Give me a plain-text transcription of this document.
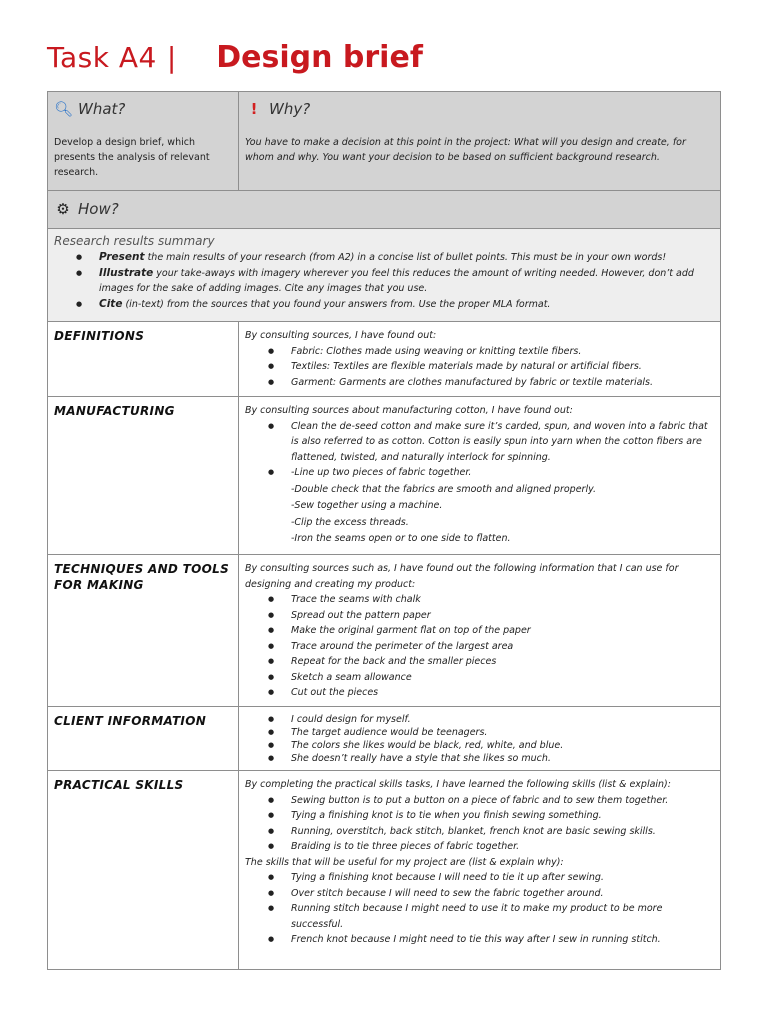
Task A4 | Design brief
🔍︎ What?
Develop a design brief, which presents the analysis of relevant research.
! Why?
You have to make a decision at this point in the project: What will you design and create, for whom and why. You want your decision to be based on sufficient background research.
⚙ How?
Research results summary
● Present the main results of your research (from A2) in a concise list of bullet points. This must be in your own words!
● Illustrate your take-aways with imagery wherever you feel this reduces the amount of writing needed. However, don’t add images for the sake of adding images. Cite any images that you use.
● Cite (in-text) from the sources that you found your answers from. Use the proper MLA format.
DEFINITIONS	By consulting sources, I have found out:
● Fabric: Clothes made using weaving or knitting textile fibers.
● Textiles: Textiles are flexible materials made by natural or artificial fibers.
● Garment: Garments are clothes manufactured by fabric or textile materials.
MANUFACTURING	By consulting sources about manufacturing cotton, I have found out:
● Clean the de-seed cotton and make sure it’s carded, spun, and woven into a fabric that is also referred to as cotton. Cotton is easily spun into yarn when the cotton fibers are flattened, twisted, and naturally interlock for spinning.
● -Line up two pieces of fabric together.
-Double check that the fabrics are smooth and aligned properly.
-Sew together using a machine.
-Clip the excess threads.
-Iron the seams open or to one side to flatten.
TECHNIQUES AND TOOLS FOR MAKING
By consulting sources such as, I have found out the following information that I can use for designing and creating my product:
● Trace the seams with chalk
● Spread out the pattern paper
● Make the original garment flat on top of the paper
● Trace around the perimeter of the largest area
● Repeat for the back and the smaller pieces
● Sketch a seam allowance
● Cut out the pieces
CLIENT INFORMATION
●	I could design for myself.
● The target audience would be teenagers.
● The colors she likes would be black, red, white, and blue.
● She doesn’t really have a style that she likes so much.
PRACTICAL SKILLS	By completing the practical skills tasks, I have learned the following skills (list & explain):
● Sewing button is to put a button on a piece of fabric and to sew them together.
● Tying a finishing knot is to tie when you finish sewing something.
● Running, overstitch, back stitch, blanket, french knot are basic sewing skills.
● Braiding is to tie three pieces of fabric together.
The skills that will be useful for my project are (list & explain why):
● Tying a finishing knot because I will need to tie it up after sewing.
● Over stitch because I will need to sew the fabric together around.
● Running stitch because I might need to use it to make my product to be more successful.
● French knot because I might need to tie this way after I sew in running stitch.
